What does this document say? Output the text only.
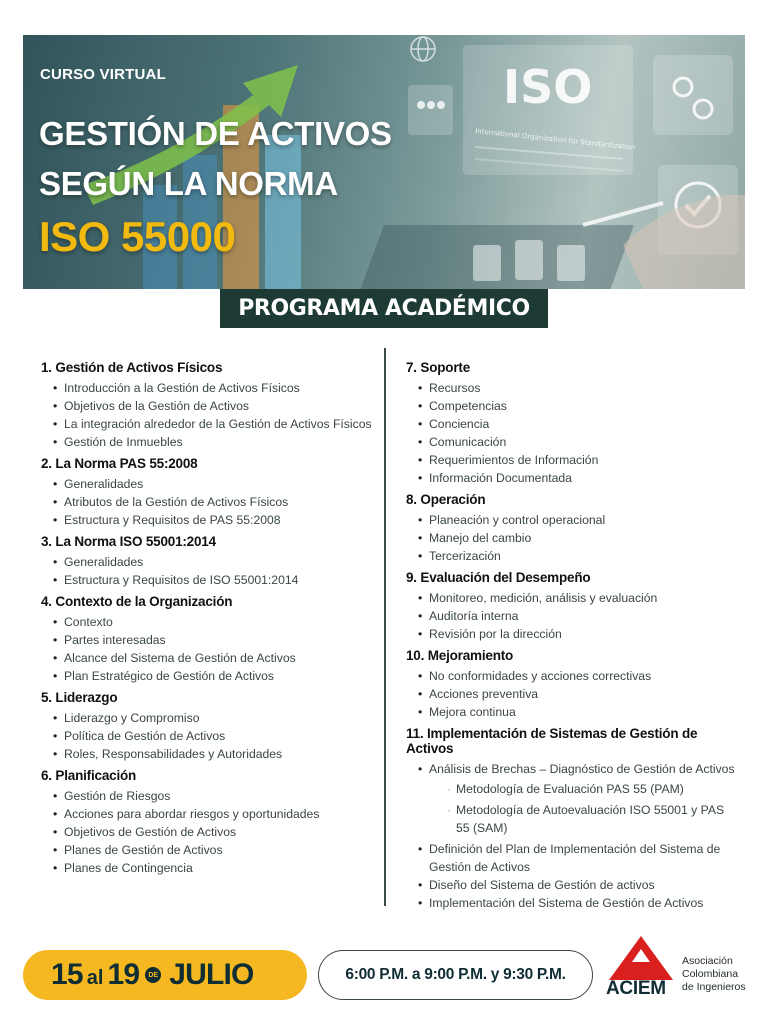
ISO
International Organization for Standardization
CURSO VIRTUAL
GESTIÓN DE ACTIVOS
SEGÚN LA NORMA
ISO 55000
PROGRAMA ACADÉMICO
1. Gestión de Activos Físicos
• Introducción a la Gestión de Activos Físicos
• Objetivos de la Gestión de Activos
• La integración alrededor de la Gestión de Activos Físicos
• Gestión de Inmuebles
2. La Norma PAS 55:2008
• Generalidades
• Atributos de la Gestión de Activos Físicos
• Estructura y Requisitos de PAS 55:2008
3. La Norma ISO 55001:2014
• Generalidades
• Estructura y Requisitos de ISO 55001:2014
4. Contexto de la Organización
• Contexto
• Partes interesadas
• Alcance del Sistema de Gestión de Activos
• Plan Estratégico de Gestión de Activos
5. Liderazgo
• Liderazgo y Compromiso
• Política de Gestión de Activos
• Roles, Responsabilidades y Autoridades
6. Planificación
• Gestión de Riesgos
• Acciones para abordar riesgos y oportunidades
• Objetivos de Gestión de Activos
• Planes de Gestión de Activos
• Planes de Contingencia
7. Soporte
• Recursos
• Competencias
• Conciencia
• Comunicación
• Requerimientos de Información
• Información Documentada
8. Operación
• Planeación y control operacional
• Manejo del cambio
• Tercerización
9. Evaluación del Desempeño
• Monitoreo, medición, análisis y evaluación
• Auditoría interna
• Revisión por la dirección
10. Mejoramiento
• No conformidades y acciones correctivas
• Acciones preventiva
• Mejora continua
11. Implementación de Sistemas de Gestión de Activos
• Análisis de Brechas – Diagnóstico de Gestión de Activos
· Metodología de Evaluación PAS 55 (PAM)
· Metodología de Autoevaluación ISO 55001 y PAS 55 (SAM)
• Definición del Plan de Implementación del Sistema de Gestión de Activos
• Diseño del Sistema de Gestión de activos
• Implementación del Sistema de Gestión de Activos
15 al 19	DE JULIO	6:00 P.M. a 9:00 P.M. y 9:30 P.M.
ACIEM
Asociación
Colombiana
de Ingenieros
